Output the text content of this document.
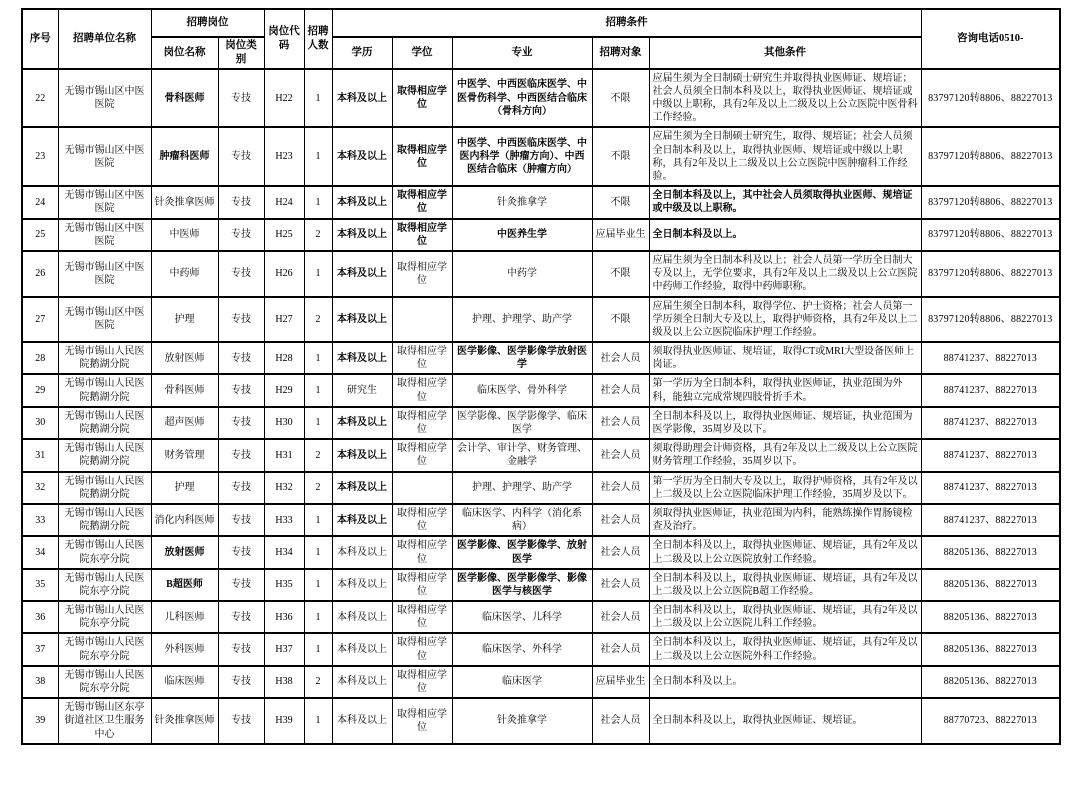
序号	招聘单位名称	招聘岗位		岗位代码	招聘人数	招聘条件					咨询电话0510-
		岗位名称	岗位类别			学历	学位	专业	招聘对象	其他条件	
22	无锡市锡山区中医医院	骨科医师	专技	H22	1	本科及以上	取得相应学位	中医学、中西医临床医学、中医骨伤科学、中西医结合临床（骨科方向）	不限	应届生须为全日制硕士研究生并取得执业医师证、规培证；社会人员须全日制本科及以上，取得执业医师证、规培证或中级以上职称，具有2年及以上二级及以上公立医院中医骨科工作经验。	83797120转8806、88227013
23	无锡市锡山区中医医院	肿瘤科医师	专技	H23	1	本科及以上	取得相应学位	中医学、中西医临床医学、中医内科学（肿瘤方向）、中西医结合临床（肿瘤方向）	不限	应届生须为全日制硕士研究生，取得、规培证；社会人员须全日制本科及以上，取得执业医师、规培证或中级以上职称，具有2年及以上二级及以上公立医院中医肿瘤科工作经验。	83797120转8806、88227013
24	无锡市锡山区中医医院	针灸推拿医师	专技	H24	1	本科及以上	取得相应学位	针灸推拿学	不限	全日制本科及以上，其中社会人员须取得执业医师、规培证或中级及以上职称。	83797120转8806、88227013
25	无锡市锡山区中医医院	中医师	专技	H25	2	本科及以上	取得相应学位	中医养生学	应届毕业生	全日制本科及以上。	83797120转8806、88227013
26	无锡市锡山区中医医院	中药师	专技	H26	1	本科及以上	取得相应学位	中药学	不限	应届生须为全日制本科及以上；社会人员第一学历全日制大专及以上，无学位要求，具有2年及以上二级及以上公立医院中药师工作经验，取得中药师职称。	83797120转8806、88227013
27	无锡市锡山区中医医院	护理	专技	H27	2	本科及以上		护理、护理学、助产学	不限	应届生须全日制本科，取得学位、护士资格；社会人员第一学历须全日制大专及以上，取得护师资格，具有2年及以上二级及以上公立医院临床护理工作经验。	83797120转8806、88227013
28	无锡市锡山人民医院鹅湖分院	放射医师	专技	H28	1	本科及以上	取得相应学位	医学影像、医学影像学放射医学	社会人员	须取得执业医师证、规培证，取得CT或MRI大型设备医师上岗证。	88741237、88227013
29	无锡市锡山人民医院鹅湖分院	骨科医师	专技	H29	1	研究生	取得相应学位	临床医学、骨外科学	社会人员	第一学历为全日制本科，取得执业医师证，执业范围为外科，能独立完成常规四肢骨折手术。	88741237、88227013
30	无锡市锡山人民医院鹅湖分院	超声医师	专技	H30	1	本科及以上	取得相应学位	医学影像、医学影像学、临床医学	社会人员	全日制本科及以上，取得执业医师证、规培证，执业范围为医学影像，35周岁及以下。	88741237、88227013
31	无锡市锡山人民医院鹅湖分院	财务管理	专技	H31	2	本科及以上	取得相应学位	会计学、审计学、财务管理、金融学	社会人员	须取得助理会计师资格，具有2年及以上二级及以上公立医院财务管理工作经验，35周岁以下。	88741237、88227013
32	无锡市锡山人民医院鹅湖分院	护理	专技	H32	2	本科及以上		护理、护理学、助产学	社会人员	第一学历为全日制大专及以上，取得护师资格，具有2年及以上二级及以上公立医院临床护理工作经验，35周岁及以下。	88741237、88227013
33	无锡市锡山人民医院鹅湖分院	消化内科医师	专技	H33	1	本科及以上	取得相应学位	临床医学、内科学（消化系病）	社会人员	须取得执业医师证，执业范围为内科，能熟练操作胃肠镜检查及治疗。	88741237、88227013
34	无锡市锡山人民医院东亭分院	放射医师	专技	H34	1	本科及以上	取得相应学位	医学影像、医学影像学、放射医学	社会人员	全日制本科及以上，取得执业医师证、规培证，具有2年及以上二级及以上公立医院放射工作经验。	88205136、88227013
35	无锡市锡山人民医院东亭分院	B超医师	专技	H35	1	本科及以上	取得相应学位	医学影像、医学影像学、影像医学与核医学	社会人员	全日制本科及以上，取得执业医师证、规培证，具有2年及以上二级及以上公立医院B超工作经验。	88205136、88227013
36	无锡市锡山人民医院东亭分院	儿科医师	专技	H36	1	本科及以上	取得相应学位	临床医学、儿科学	社会人员	全日制本科及以上，取得执业医师证、规培证，具有2年及以上二级及以上公立医院儿科工作经验。	88205136、88227013
37	无锡市锡山人民医院东亭分院	外科医师	专技	H37	1	本科及以上	取得相应学位	临床医学、外科学	社会人员	全日制本科及以上，取得执业医师证、规培证，具有2年及以上二级及以上公立医院外科工作经验。	88205136、88227013
38	无锡市锡山人民医院东亭分院	临床医师	专技	H38	2	本科及以上	取得相应学位	临床医学	应届毕业生	全日制本科及以上。	88205136、88227013
39	无锡市锡山区东亭街道社区卫生服务中心	针灸推拿医师	专技	H39	1	本科及以上	取得相应学位	针灸推拿学	社会人员	全日制本科及以上，取得执业医师证、规培证。	88770723、88227013
